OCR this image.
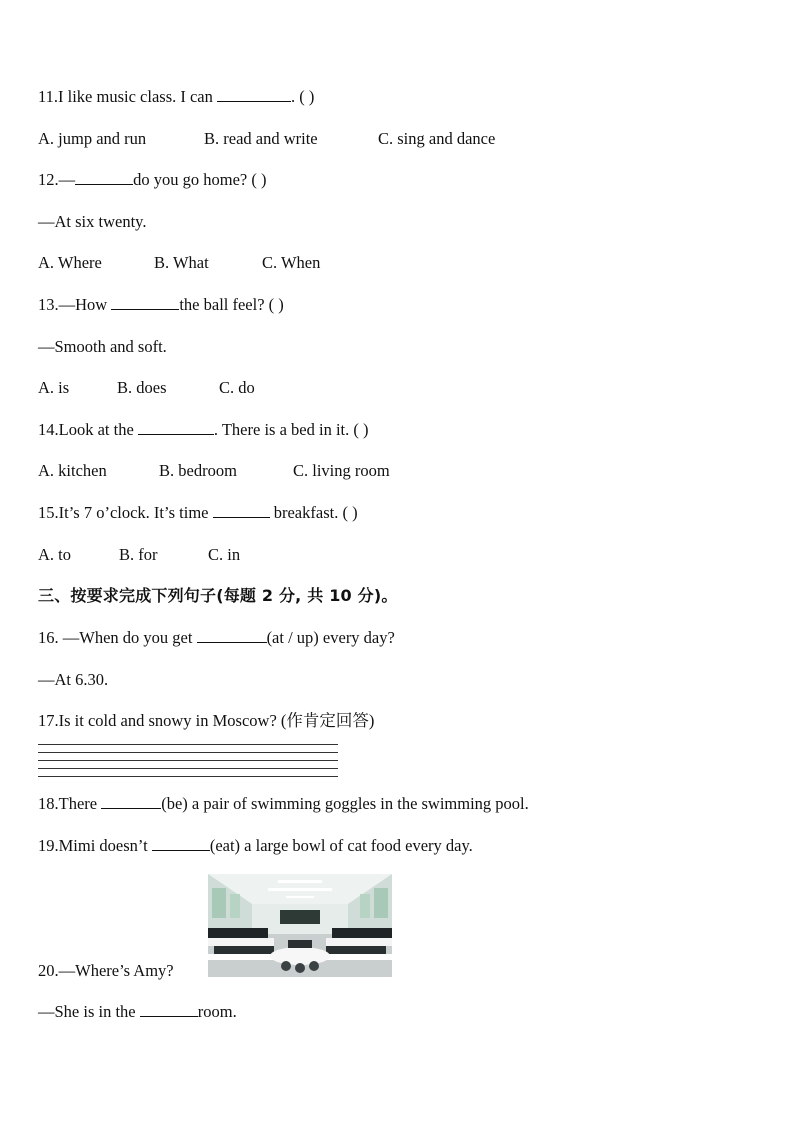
11.I like music class. I can	. ( )
A. jump and run	B. read and write	C. sing and dance
12.—	do you go home? ( )
—At six twenty.
A. Where	B. What	C. When
13.—How	the ball feel? ( )
—Smooth and soft.
A. is	B. does	C. do
14.Look at the	. There is a bed in it. ( )
A. kitchen	B. bedroom	C. living room
15.It’s 7 o’clock. It’s time	breakfast. ( )
A. to	B. for	C. in
三、按要求完成下列句子(每题 2 分, 共 10 分)。
16. —When do you get	(at / up) every day?
—At 6.30.
17.Is it cold and snowy in Moscow? (作肯定回答)
18.There	(be) a pair of swimming goggles in the swimming pool.
19.Mimi doesn’t	(eat) a large bowl of cat food every day.
20.—Where’s Amy?
—She is in the	room.
